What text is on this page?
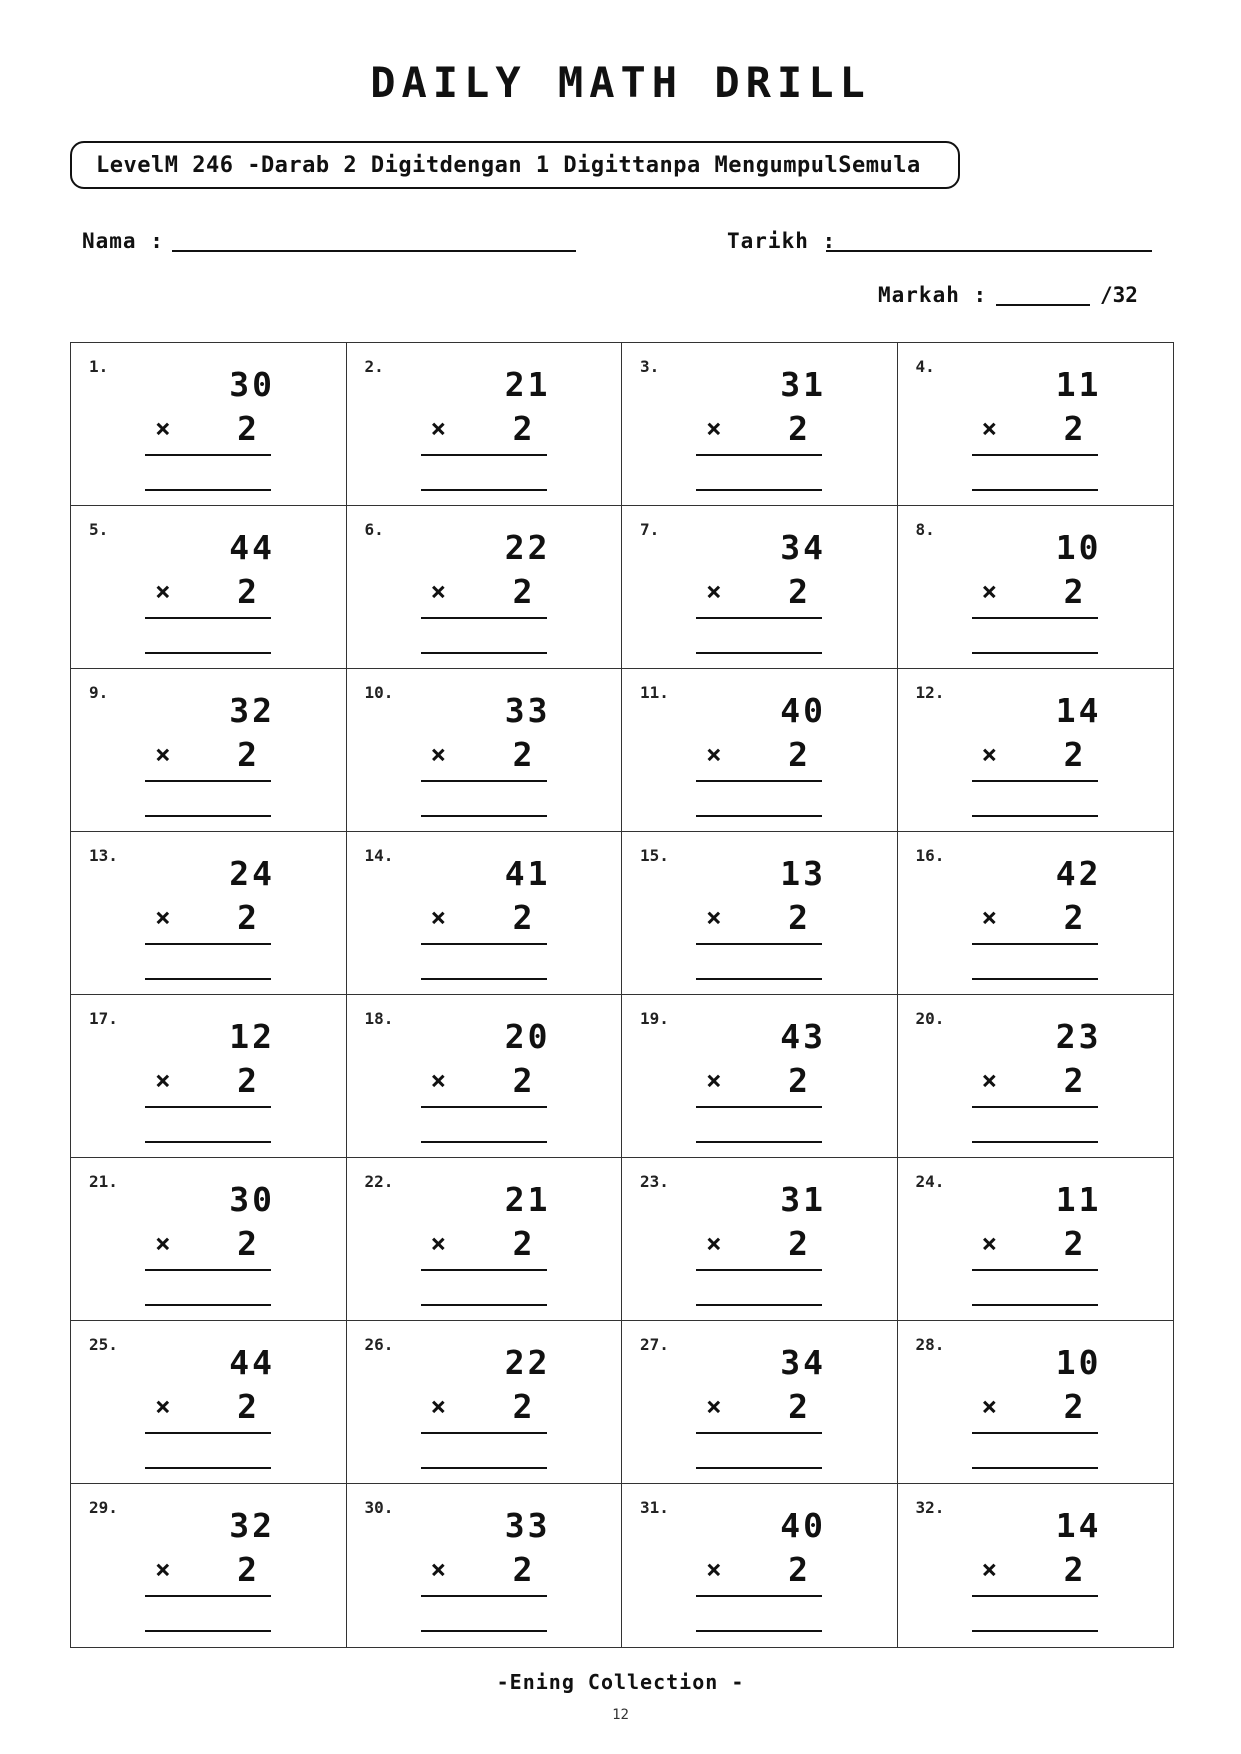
DAILY MATH DRILL
LevelM 246 -Darab 2 Digitdengan 1 Digittanpa MengumpulSemula
Nama :	Tarikh :
Markah :	/32
1.	30
× 2
2.	21
× 2
3.	31
× 2
4.	11
× 2
5.	44
× 2
6.	22
× 2
7.	34
× 2
8.	10
× 2
9.	32
× 2
10.	33
× 2
11.	40
× 2
12.	14
× 2
13.	24
× 2
14.	41
× 2
15.	13
× 2
16.	42
× 2
17.	12
× 2
18.	20
× 2
19.	43
× 2
20.	23
× 2
21.	30
× 2
22.	21
× 2
23.	31
× 2
24.	11
× 2
25.	44
× 2
26.	22
× 2
27.	34
× 2
28.	10
× 2
29.	32
× 2
30.	33
× 2
31.	40
× 2
32.	14
× 2
-Ening Collection -
12
